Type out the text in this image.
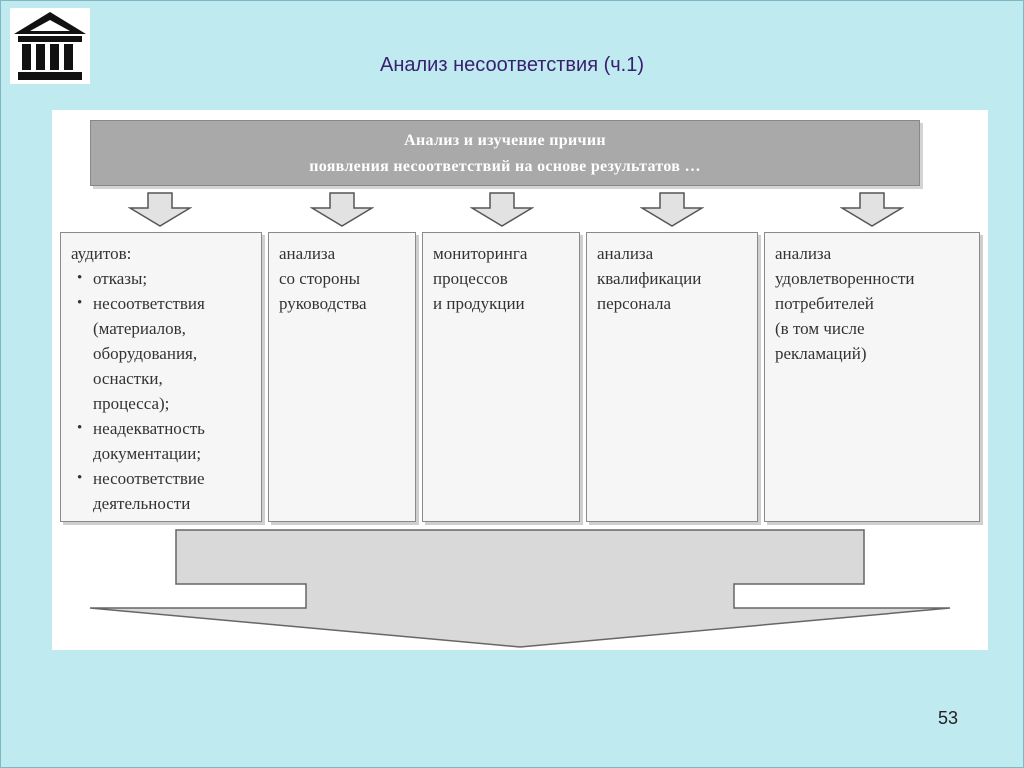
Анализ несоответствия (ч.1)
Анализ и изучение причин
появления несоответствий на основе результатов …
аудитов:
• отказы;
• несоответствия
(материалов,
оборудования,
оснастки,
процесса);
• неадекватность
документации;
• несоответствие
деятельности
анализа
со стороны
руководства
мониторинга
процессов
и продукции
анализа
квалификации
персонала
анализа
удовлетворенности
потребителей
(в том числе
рекламаций)
53
